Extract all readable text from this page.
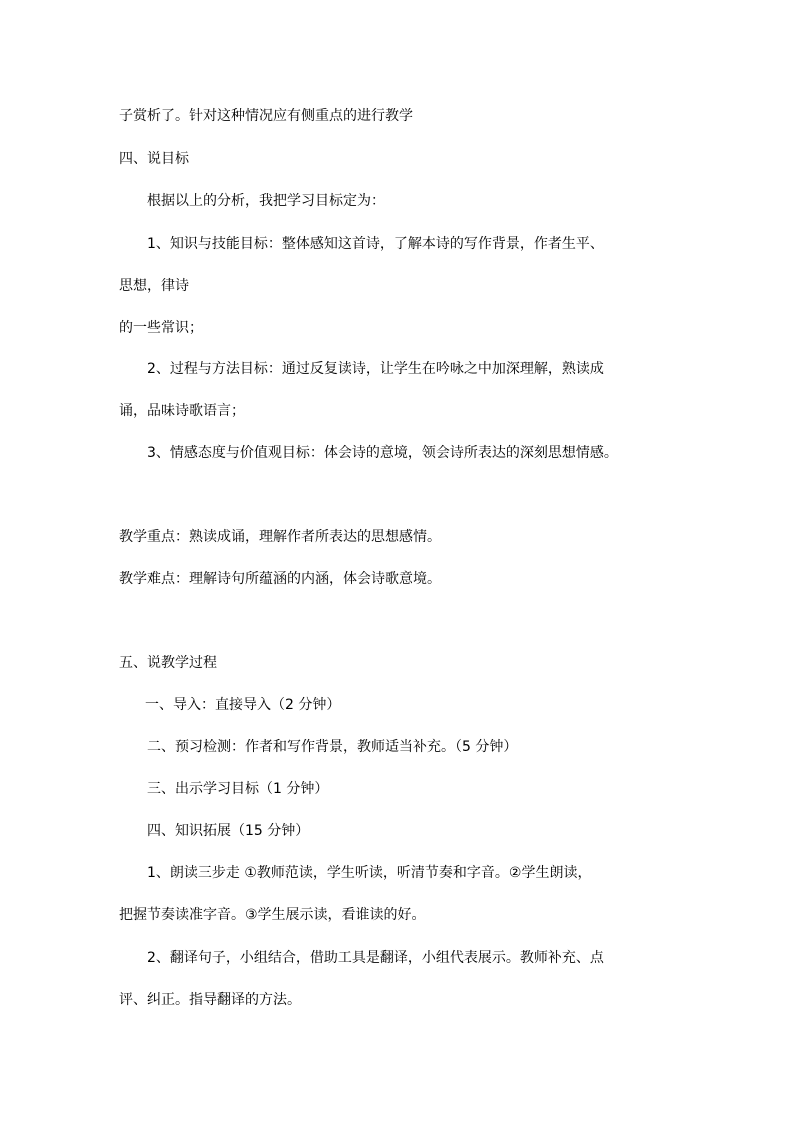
子赏析了。针对这种情况应有侧重点的进行教学
四、说目标
根据以上的分析，我把学习目标定为：
1、知识与技能目标：整体感知这首诗，了解本诗的写作背景，作者生平、
思想，律诗
的一些常识；
2、过程与方法目标：通过反复读诗，让学生在吟咏之中加深理解，熟读成
诵，品味诗歌语言；
3、情感态度与价值观目标：体会诗的意境，领会诗所表达的深刻思想情感。
教学重点：熟读成诵，理解作者所表达的思想感情。
教学难点：理解诗句所蕴涵的内涵，体会诗歌意境。
五、说教学过程
一、导入：直接导入（2 分钟）
二、预习检测：作者和写作背景，教师适当补充。（5 分钟）
三、出示学习目标（1 分钟）
四、知识拓展（15 分钟）
1、朗读三步走 ①教师范读，学生听读，听清节奏和字音。②学生朗读，
把握节奏读准字音。③学生展示读，看谁读的好。
2、翻译句子，小组结合，借助工具是翻译，小组代表展示。教师补充、点
评、纠正。指导翻译的方法。
